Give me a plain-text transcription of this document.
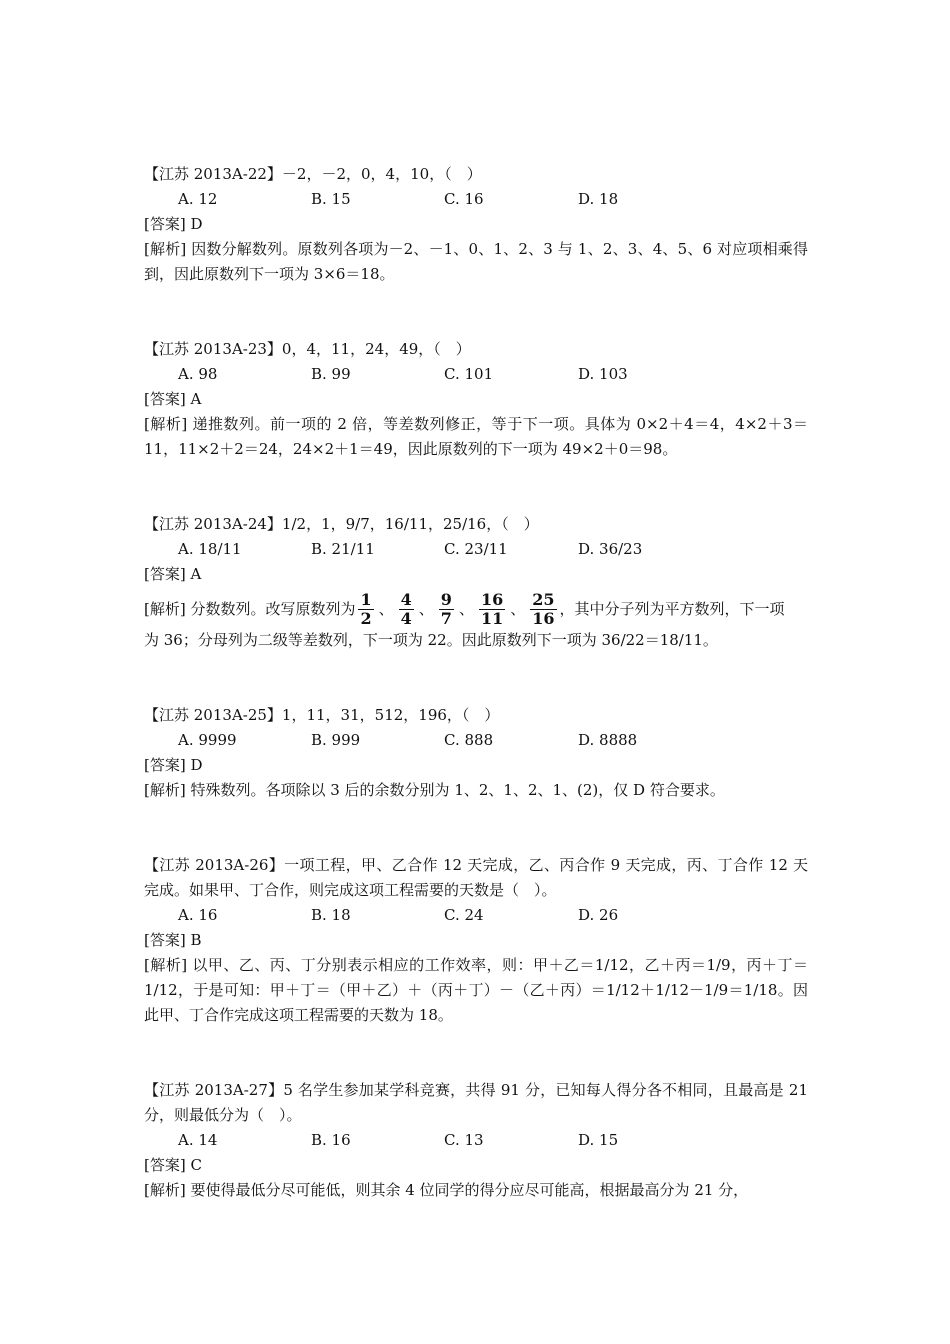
【江苏 2013A-22】－2，－2，0，4，10，（　）
A. 12	B. 15	C. 16	D. 18
[答案] D
[解析] 因数分解数列。原数列各项为－2、－1、0、1、2、3 与 1、2、3、4、5、6 对应项相乘得到，因此原数列下一项为 3×6＝18。
【江苏 2013A-23】0，4，11，24，49，（　）
A. 98	B. 99	C. 101	D. 103
[答案] A
[解析] 递推数列。前一项的 2 倍，等差数列修正，等于下一项。具体为 0×2＋4＝4，4×2＋3＝11，11×2＋2＝24，24×2＋1＝49，因此原数列的下一项为 49×2＋0＝98。
【江苏 2013A-24】1/2，1，9/7，16/11，25/16，（　）
A. 18/11	B. 21/11	C. 23/11	D. 36/23
[答案] A
[解析] 分数数列。改写原数列为 $\frac{1}{2}$ 、 $\frac{4}{4}$ 、 $\frac{9}{7}$ 、 $\frac{16}{11}$ 、 $\frac{25}{16}$ ，其中分子列为平方数列，下一项
为 36；分母列为二级等差数列，下一项为 22。因此原数列下一项为 36/22＝18/11。
【江苏 2013A-25】1，11，31，512，196，（　）
A. 9999	B. 999	C. 888	D. 8888
[答案] D
[解析] 特殊数列。各项除以 3 后的余数分别为 1、2、1、2、1、(2)，仅 D 符合要求。
【江苏 2013A-26】一项工程，甲、乙合作 12 天完成，乙、丙合作 9 天完成，丙、丁合作 12 天完成。如果甲、丁合作，则完成这项工程需要的天数是（　）。
A. 16	B. 18	C. 24	D. 26
[答案] B
[解析] 以甲、乙、丙、丁分别表示相应的工作效率，则：甲＋乙＝1/12，乙＋丙＝1/9，丙＋丁＝1/12，于是可知：甲＋丁＝（甲＋乙）＋（丙＋丁）－（乙＋丙）＝1/12＋1/12－1/9＝1/18。因此甲、丁合作完成这项工程需要的天数为 18。
【江苏 2013A-27】5 名学生参加某学科竞赛，共得 91 分，已知每人得分各不相同，且最高是 21 分，则最低分为（　）。
A. 14	B. 16	C. 13	D. 15
[答案] C
[解析] 要使得最低分尽可能低，则其余 4 位同学的得分应尽可能高，根据最高分为 21 分，
